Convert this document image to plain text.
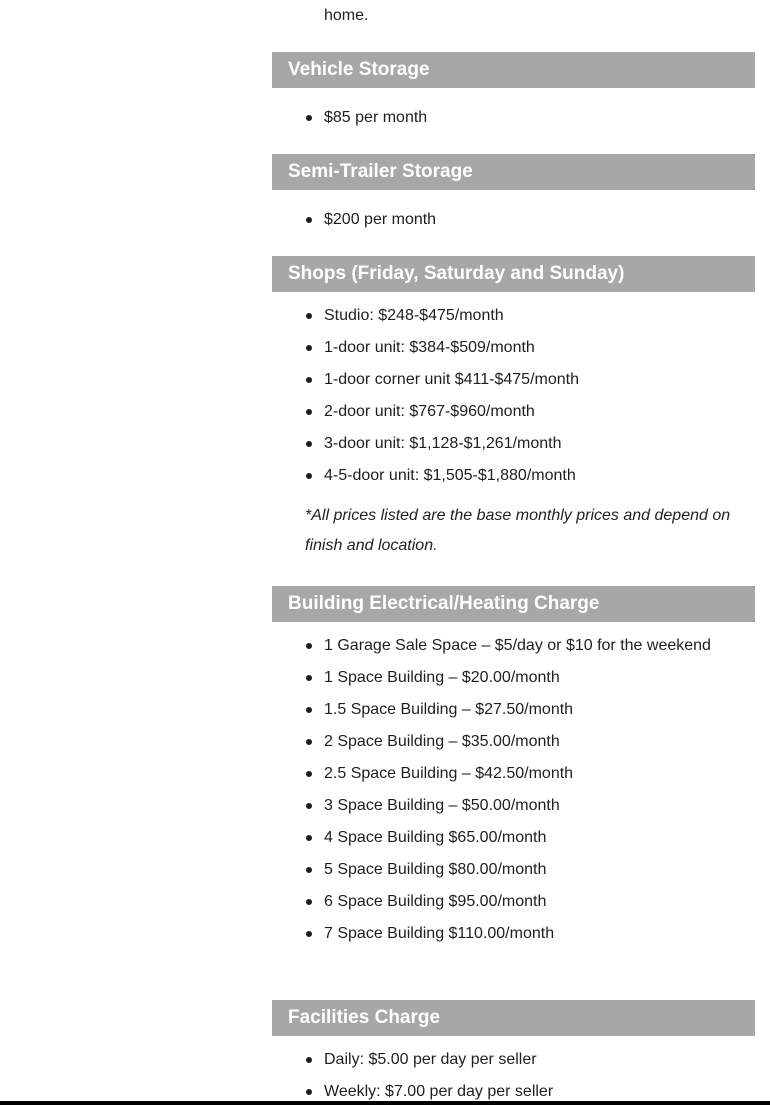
home.

Vehicle Storage
$85 per month
Semi-Trailer Storage
$200 per month
Shops (Friday, Saturday and Sunday)
Studio: $248-$475/month
1-door unit: $384-$509/month
1-door corner unit $411-$475/month
2-door unit: $767-$960/month
3-door unit: $1,128-$1,261/month
4-5-door unit: $1,505-$1,880/month

*All prices listed are the base monthly prices and depend on finish and location.

Building Electrical/Heating Charge
1 Garage Sale Space – $5/day or $10 for the weekend
1 Space Building – $20.00/month
1.5 Space Building – $27.50/month
2 Space Building – $35.00/month
2.5 Space Building – $42.50/month
3 Space Building – $50.00/month
4 Space Building $65.00/month
5 Space Building $80.00/month
6 Space Building $95.00/month
7 Space Building $110.00/month
Facilities Charge
Daily: $5.00 per day per seller
Weekly: $7.00 per day per seller
